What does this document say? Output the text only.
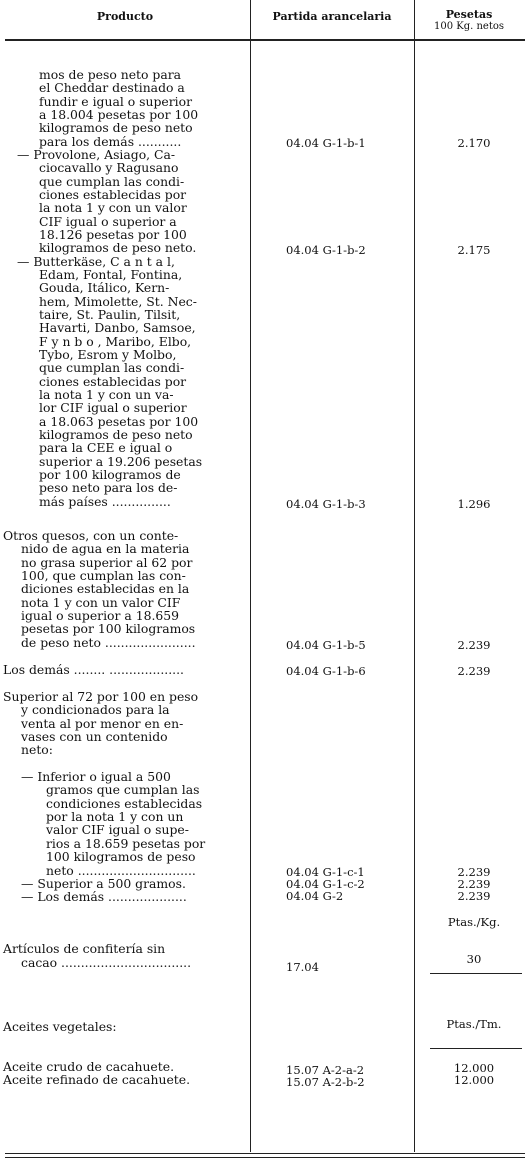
Producto	Partida arancelaria	Pesetas
100 Kg. netos
mos de peso neto para
el Cheddar destinado a
fundir e igual o superior
a 18.004 pesetas por 100
kilogramos de peso neto
para los demás ...........
— Provolone, Asiago, Ca-
ciocavallo y Ragusano
que cumplan las condi-
ciones establecidas por
la nota 1 y con un valor
CIF igual o superior a
18.126 pesetas por 100
kilogramos de peso neto.
— Butterkäse, C a n t a l,
Edam, Fontal, Fontina,
Gouda, Itálico, Kern-
hem, Mimolette, St. Nec-
taire, St. Paulin, Tilsit,
Havarti, Danbo, Samsoe,
F y n b o , Maribo, Elbo,
Tybo, Esrom y Molbo,
que cumplan las condi-
ciones establecidas por
la nota 1 y con un va-
lor CIF igual o superior
a 18.063 pesetas por 100
kilogramos de peso neto
para la CEE e igual o
superior a 19.206 pesetas
por 100 kilogramos de
peso neto para los de-
más países ...............
Otros quesos, con un conte-
nido de agua en la materia
no grasa superior al 62 por
100, que cumplan las con-
diciones establecidas en la
nota 1 y con un valor CIF
igual o superior a 18.659
pesetas por 100 kilogramos
de peso neto .......................
Los demás ........ ...................
Superior al 72 por 100 en peso
y condicionados para la
venta al por menor en en-
vases con un contenido
neto:
— Inferior o igual a 500
gramos que cumplan las
condiciones establecidas
por la nota 1 y con un
valor CIF igual o supe-
rios a 18.659 pesetas por
100 kilogramos de peso
neto ..............................
— Superior a 500 gramos.
— Los demás ....................
Artículos de confitería sin
cacao .................................
Aceites vegetales:
Aceite crudo de cacahuete.
Aceite refinado de cacahuete.
04.04 G-1-b-1
04.04 G-1-b-2
04.04 G-1-b-3
04.04 G-1-b-5
04.04 G-1-b-6
04.04 G-1-c-1
04.04 G-1-c-2
04.04 G-2
17.04
15.07 A-2-a-2
15.07 A-2-b-2
2.170
2.175
1.296
2.239
2.239
2.239
2.239
2.239
Ptas./Kg.
30
Ptas./Tm.
12.000
12.000
